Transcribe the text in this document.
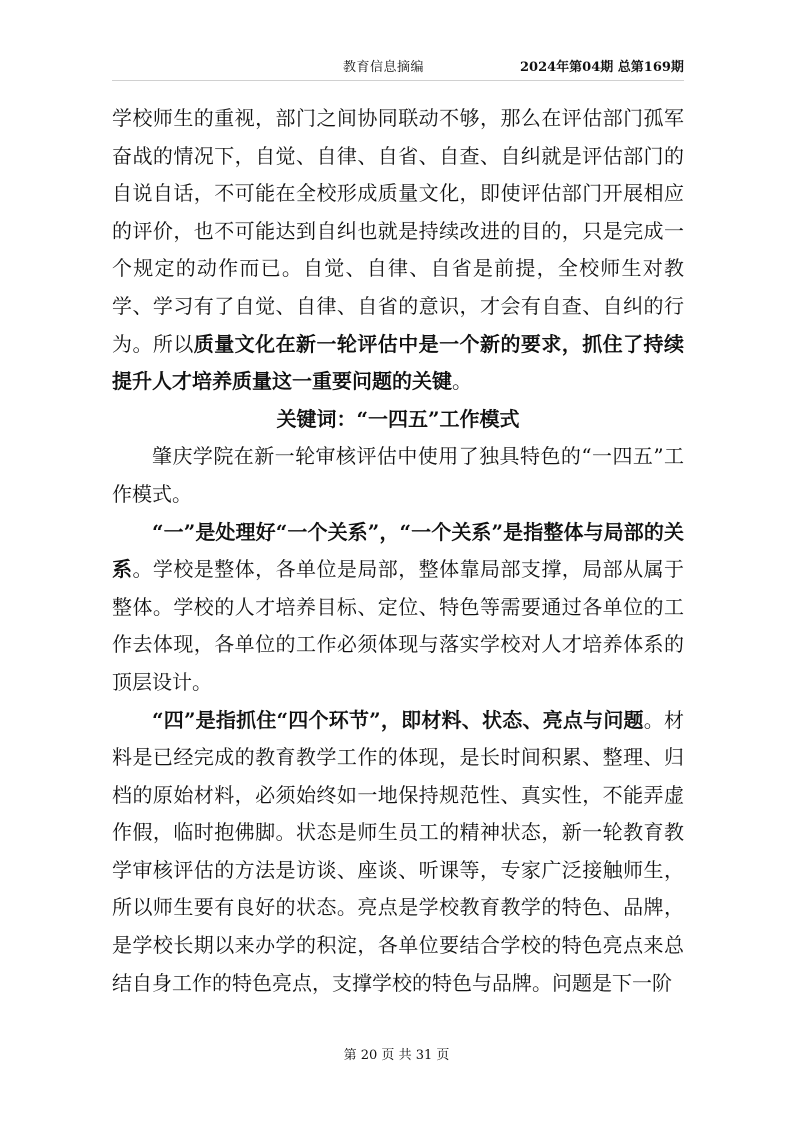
教育信息摘编	2024年第04期 总第169期

学校师生的重视，部门之间协同联动不够，那么在评估部门孤军奋战的情况下，自觉、自律、自省、自查、自纠就是评估部门的自说自话，不可能在全校形成质量文化，即使评估部门开展相应的评价，也不可能达到自纠也就是持续改进的目的，只是完成一个规定的动作而已。自觉、自律、自省是前提，全校师生对教学、学习有了自觉、自律、自省的意识，才会有自查、自纠的行为。所以质量文化在新一轮评估中是一个新的要求，抓住了持续提升人才培养质量这一重要问题的关键。

关键词：“一四五”工作模式

肇庆学院在新一轮审核评估中使用了独具特色的“一四五”工作模式。

“一”是处理好“一个关系”，“一个关系”是指整体与局部的关系。学校是整体，各单位是局部，整体靠局部支撑，局部从属于整体。学校的人才培养目标、定位、特色等需要通过各单位的工作去体现，各单位的工作必须体现与落实学校对人才培养体系的顶层设计。

“四”是指抓住“四个环节”，即材料、状态、亮点与问题。材料是已经完成的教育教学工作的体现，是长时间积累、整理、归档的原始材料，必须始终如一地保持规范性、真实性，不能弄虚作假，临时抱佛脚。状态是师生员工的精神状态，新一轮教育教学审核评估的方法是访谈、座谈、听课等，专家广泛接触师生，所以师生要有良好的状态。亮点是学校教育教学的特色、品牌，是学校长期以来办学的积淀，各单位要结合学校的特色亮点来总结自身工作的特色亮点，支撑学校的特色与品牌。问题是下一阶

第 20 页 共 31 页
